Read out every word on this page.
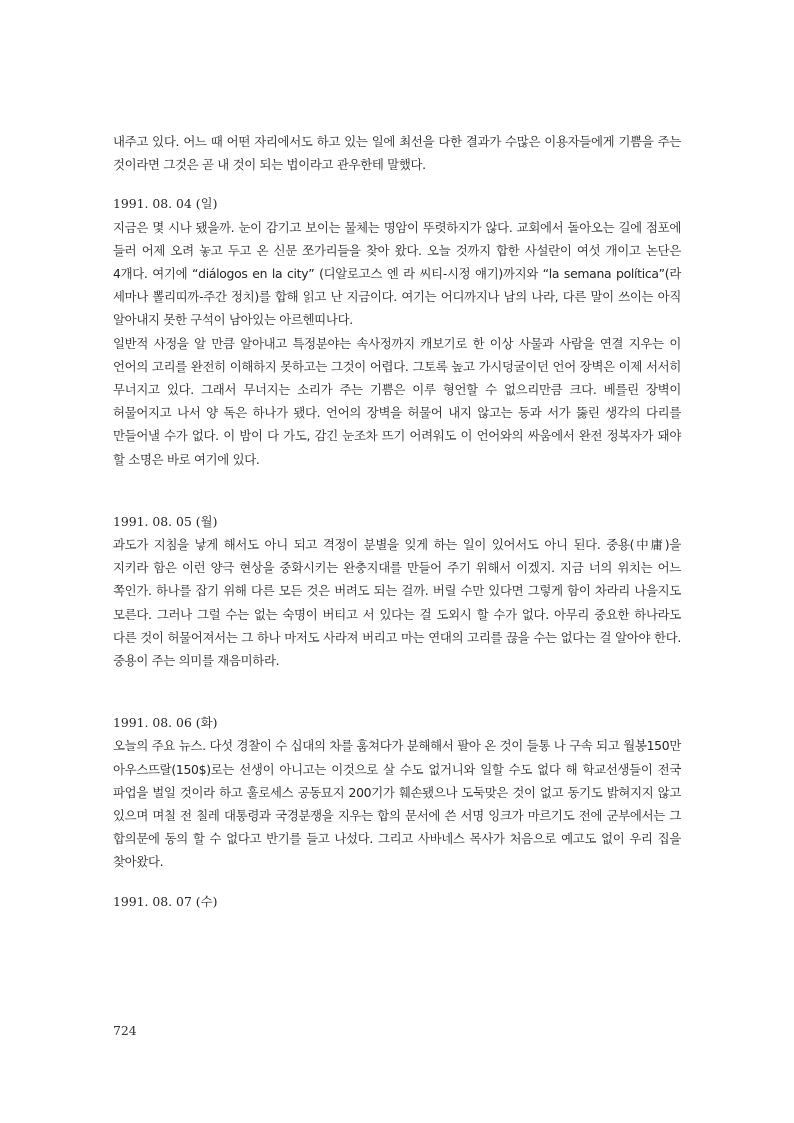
내주고 있다. 어느 때 어떤 자리에서도 하고 있는 일에 최선을 다한 결과가 수많은 이용자들에게 기쁨을 주는 것이라면 그것은 곧 내 것이 되는 법이라고 관우한테 말했다.

1991. 08. 04 (일)

지금은 몇 시나 됐을까. 눈이 감기고 보이는 물체는 명암이 뚜렷하지가 않다. 교회에서 돌아오는 길에 점포에 들러 어제 오려 놓고 두고 온 신문 쪼가리들을 찾아 왔다. 오늘 것까지 합한 사설란이 여섯 개이고 논단은 4개다. 여기에 “diálogos en la city” (디알로고스 엔 라 씨티-시정 얘기)까지와 “la semana política”(라 세마나 뽈리띠까-주간 정치)를 합해 읽고 난 지금이다. 여기는 어디까지나 남의 나라, 다른 말이 쓰이는 아직 알아내지 못한 구석이 남아있는 아르헨띠나다.

일반적 사정을 알 만큼 알아내고 특정분야는 속사정까지 캐보기로 한 이상 사물과 사람을 연결 지우는 이 언어의 고리를 완전히 이해하지 못하고는 그것이 어렵다. 그토록 높고 가시덩굴이던 언어 장벽은 이제 서서히 무너지고 있다. 그래서 무너지는 소리가 주는 기쁨은 이루 형언할 수 없으리만큼 크다. 베를린 장벽이 허물어지고 나서 양 독은 하나가 됐다. 언어의 장벽을 허물어 내지 않고는 동과 서가 뚫린 생각의 다리를 만들어낼 수가 없다. 이 밤이 다 가도, 감긴 눈조차 뜨기 어려워도 이 언어와의 싸움에서 완전 정복자가 돼야 할 소명은 바로 여기에 있다.

1991. 08. 05 (월)

과도가 지침을 낳게 해서도 아니 되고 격정이 분별을 잊게 하는 일이 있어서도 아니 된다. 중용(中庸)을 지키라 함은 이런 양극 현상을 중화시키는 완충지대를 만들어 주기 위해서 이겠지. 지금 너의 위치는 어느 쪽인가. 하나를 잡기 위해 다른 모든 것은 버려도 되는 걸까. 버릴 수만 있다면 그렇게 함이 차라리 나을지도 모른다. 그러나 그럴 수는 없는 숙명이 버티고 서 있다는 걸 도외시 할 수가 없다. 아무리 중요한 하나라도 다른 것이 허물어져서는 그 하나 마저도 사라져 버리고 마는 연대의 고리를 끊을 수는 없다는 걸 알아야 한다. 중용이 주는 의미를 재음미하라.

1991. 08. 06 (화)

오늘의 주요 뉴스. 다섯 경찰이 수 십대의 차를 훔쳐다가 분해해서 팔아 온 것이 들통 나 구속 되고 월봉150만 아우스뜨랄(150$)로는 선생이 아니고는 이것으로 살 수도 없거니와 일할 수도 없다 해 학교선생들이 전국 파업을 벌일 것이라 하고 훌로세스 공동묘지 200기가 훼손됐으나 도둑맞은 것이 없고 동기도 밝혀지지 않고 있으며 며칠 전 칠레 대통령과 국경분쟁을 지우는 합의 문서에 쓴 서명 잉크가 마르기도 전에 군부에서는 그 합의문에 동의 할 수 없다고 반기를 들고 나섰다. 그리고 사바네스 목사가 처음으로 예고도 없이 우리 집을 찾아왔다.

1991. 08. 07 (수)

724
